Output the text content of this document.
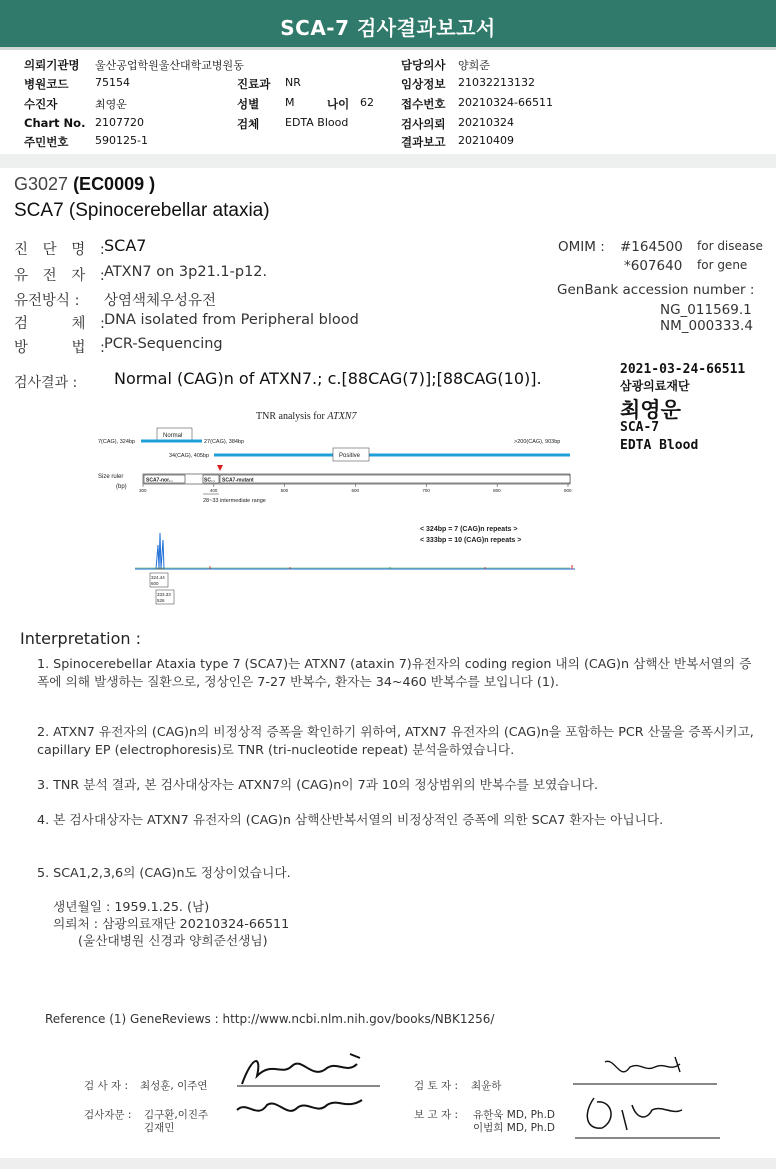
SCA-7 검사결과보고서
의뢰기관명 울산공업학원울산대학교병원동	담당의사 양희준
병원코드 75154	진료과 NR	임상정보 21032213132
수진자	최영운	성별 M	나이 62 접수번호 20210324-66511
Chart No. 2107720	검체 EDTA Blood	검사의뢰 20210324
주민번호 590125-1	결과보고 20210409
G3027 (EC0009 )
SCA7 (Spinocerebellar ataxia)
진 단 명 :
SCA7
유 전 자 :
ATXN7 on 3p21.1-p12.
유전방식 : 상염색체우성유전
검    체 :
DNA isolated from Peripheral blood
방    법 :
PCR-Sequencing
OMIM : #164500 for disease
*607640 for gene
GenBank accession number :
NG_011569.1
NM_000333.4
검사결과 : Normal (CAG)n of ATXN7.; c.[88CAG(7)];[88CAG(10)].	2021-03-24-66511
삼광의료재단
최영운
SCA-7
EDTA Blood
TNR analysis for ATXN7
Normal
7(CAG), 324bp	27(CAG), 384bp
Positive
34(CAG), 405bp
>200(CAG), 903bp
Size ruler
(bp)
SCA7-nor...	SC... SCA7-mutant
300	400	500	600	700	800	900
28~33 intermediate range
< 324bp = 7 (CAG)n repeats >
< 333bp = 10 (CAG)n repeats >
324.44
600
333.33
526
Interpretation :
1. Spinocerebellar Ataxia type 7 (SCA7)는 ATXN7 (ataxin 7)유전자의 coding region 내의 (CAG)n 삼핵산 반복서열의 증폭에 의해 발생하는 질환으로, 정상인은 7-27 반복수, 환자는 34~460 반복수를 보입니다 (1).
2. ATXN7 유전자의 (CAG)n의 비정상적 증폭을 확인하기 위하여, ATXN7 유전자의 (CAG)n을 포함하는 PCR 산물을 증폭시키고, capillary EP (electrophoresis)로 TNR (tri-nucleotide repeat) 분석을하였습니다.
3. TNR 분석 결과, 본 검사대상자는 ATXN7의 (CAG)n이 7과 10의 정상범위의 반복수를 보였습니다.
4. 본 검사대상자는 ATXN7 유전자의 (CAG)n 삼핵산반복서열의 비정상적인 증폭에 의한 SCA7 환자는 아닙니다.
5. SCA1,2,3,6의 (CAG)n도 정상이었습니다.
생년월일 : 1959.1.25. (남)
의뢰처 : 삼광의료재단 20210324-66511
(울산대병원 신경과 양희준선생님)
Reference (1) GeneReviews : http://www.ncbi.nlm.nih.gov/books/NBK1256/
검 사 자 : 최성훈, 이주연	검 토 자 : 최윤하
검사자문 : 김구환,이진주
김재민
보 고 자 : 유한욱 MD, Ph.D
이범희 MD, Ph.D
